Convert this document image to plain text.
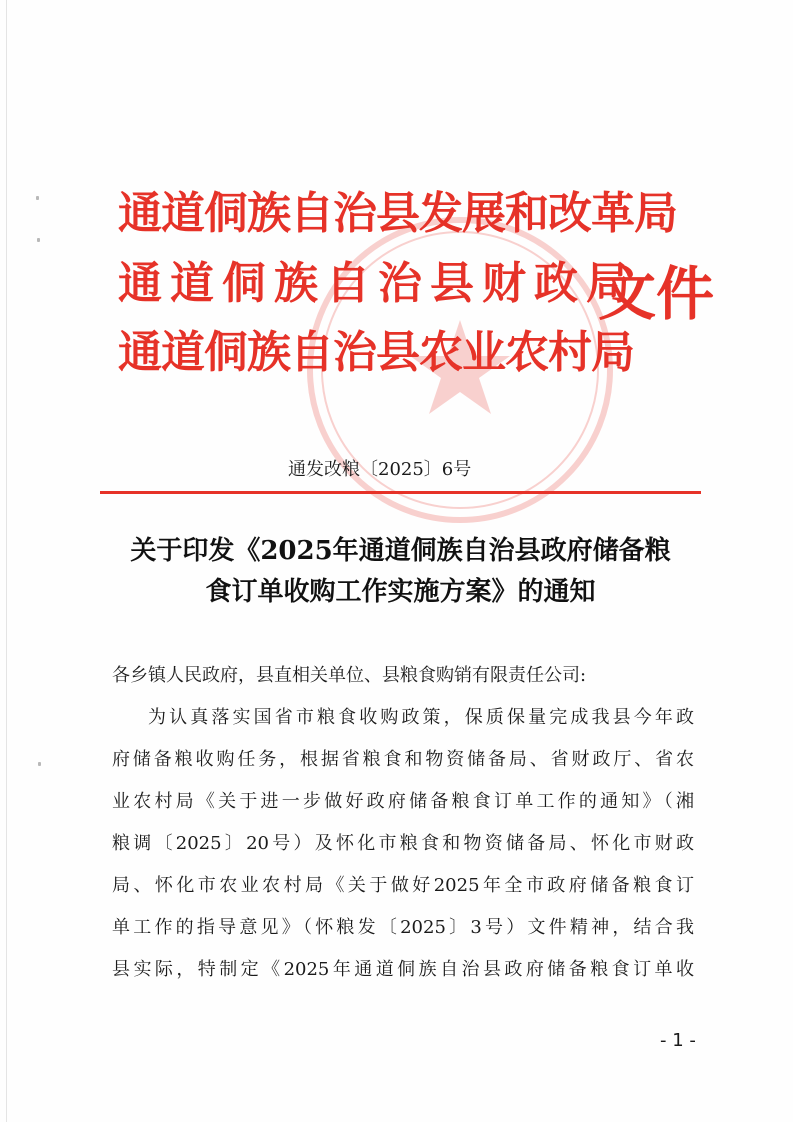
通道侗族自治县发展和改革局
通道侗族自治县财政局
通道侗族自治县农业农村局
文件
通发改粮〔2025〕6号
关于印发《2025年通道侗族自治县政府储备粮
食订单收购工作实施方案》的通知
各乡镇人民政府，县直相关单位、县粮食购销有限责任公司:
为认真落实国省市粮食收购政策，保质保量完成我县今年政
府储备粮收购任务，根据省粮食和物资储备局、省财政厅、省农
业农村局《关于进一步做好政府储备粮食订单工作的通知》（湘
粮调〔2025〕20号）及怀化市粮食和物资储备局、怀化市财政
局、怀化市农业农村局《关于做好2025年全市政府储备粮食订
单工作的指导意见》（怀粮发〔2025〕3号）文件精神，结合我
县实际，特制定《2025年通道侗族自治县政府储备粮食订单收
- 1 -
